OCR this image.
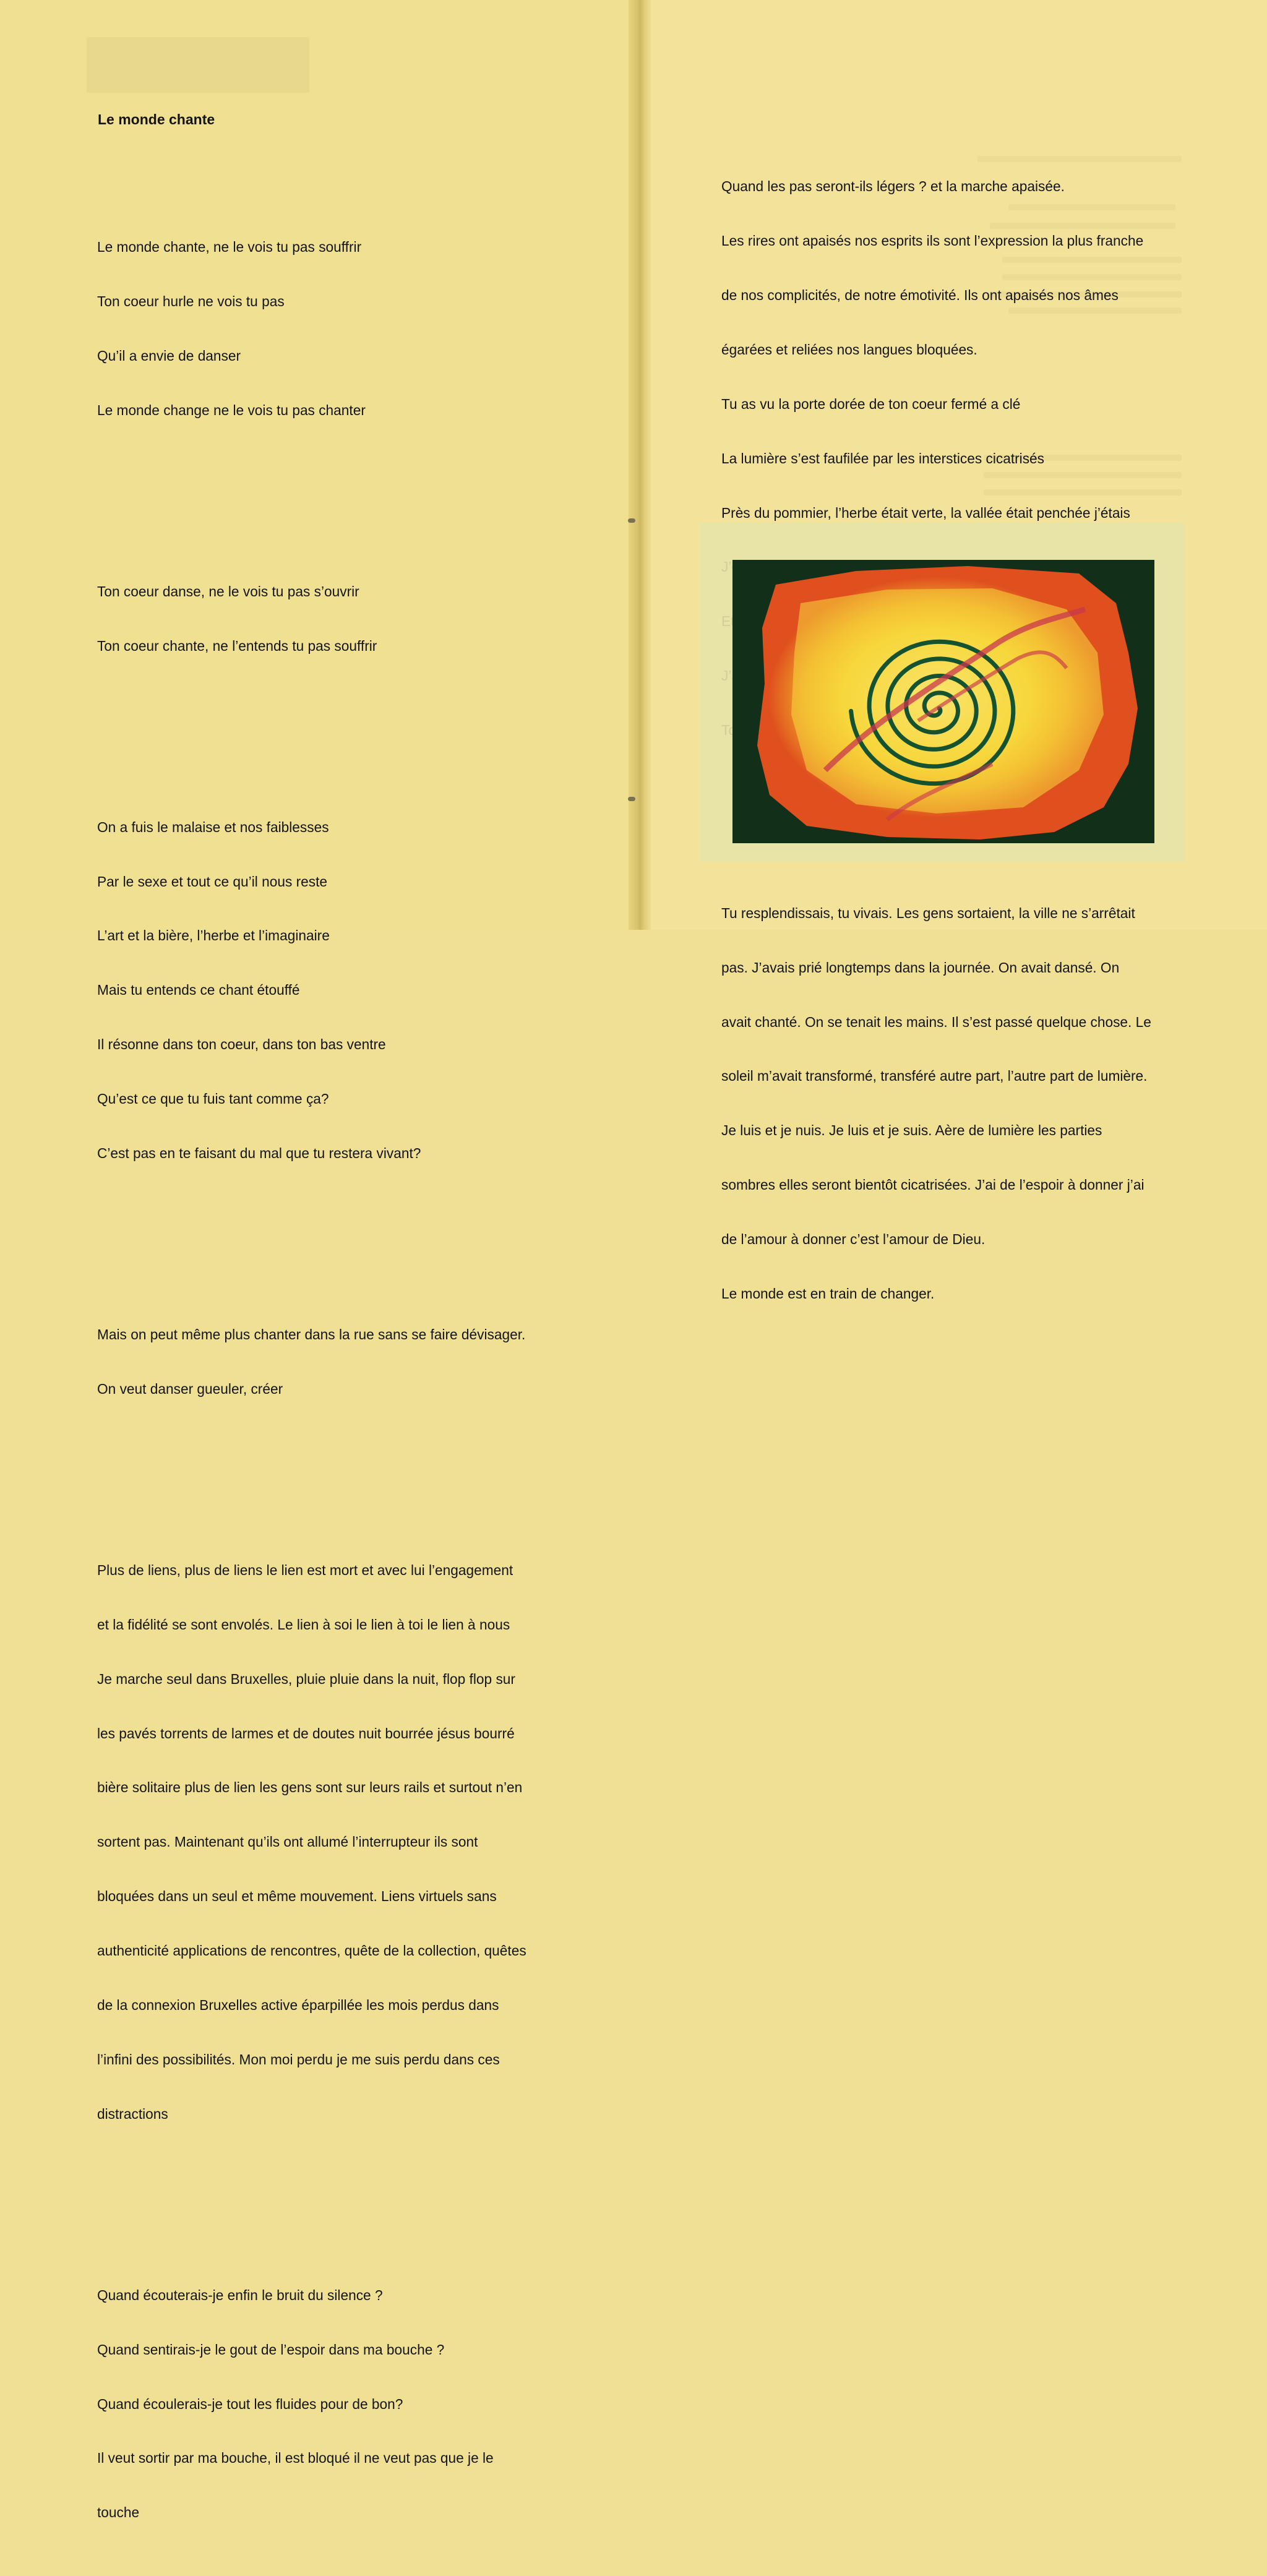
Le monde chante

Le monde chante, ne le vois tu pas souffrir

Ton coeur hurle ne vois tu pas

Qu’il a envie de danser

Le monde change ne le vois tu pas chanter

Ton coeur danse, ne le vois tu pas s’ouvrir

Ton coeur chante, ne l’entends tu pas souffrir

On a fuis le malaise et nos faiblesses

Par le sexe et tout ce qu’il nous reste

L’art et la bière, l’herbe et l’imaginaire

Mais tu entends ce chant étouffé

Il résonne dans ton coeur, dans ton bas ventre

Qu’est ce que tu fuis tant comme ça?

C’est pas en te faisant du mal que tu restera vivant?

Mais on peut même plus chanter dans la rue sans se faire dévisager.

On veut danser gueuler, créer

Plus de liens, plus de liens le lien est mort et avec lui l’engagement

et la fidélité se sont envolés. Le lien à soi le lien à toi le lien à nous

Je marche seul dans Bruxelles, pluie pluie dans la nuit, flop flop sur

les pavés torrents de larmes et de doutes nuit bourrée jésus bourré

bière solitaire plus de lien les gens sont sur leurs rails et surtout n’en

sortent pas. Maintenant qu’ils ont allumé l’interrupteur ils sont

bloquées dans un seul et même mouvement. Liens virtuels sans

authenticité applications de rencontres, quête de la collection, quêtes

de la connexion Bruxelles active éparpillée les mois perdus dans

l’infini des possibilités. Mon moi perdu je me suis perdu dans ces

distractions

Quand écouterais-je enfin le bruit du silence ?

Quand sentirais-je le gout de l’espoir dans ma bouche ?

Quand écoulerais-je tout les fluides pour de bon?

Il veut sortir par ma bouche, il est bloqué il ne veut pas que je le

touche

Quand les pas seront-ils légers ? et la marche apaisée.

Les rires ont apaisés nos esprits ils sont l’expression la plus franche

de nos complicités, de notre émotivité. Ils ont apaisés nos âmes

égarées et reliées nos langues bloquées.

Tu as vu la porte dorée de ton coeur fermé a clé

La lumière s’est faufilée par les interstices cicatrisés

Près du pommier, l’herbe était verte, la vallée était penchée j’étais

Tu resplendissais, tu vivais. Les gens sortaient, la ville ne s’arrêtait

pas. J’avais prié longtemps dans la journée. On avait dansé. On

avait chanté. On se tenait les mains. Il s’est passé quelque chose. Le

soleil m’avait transformé, transféré autre part, l’autre part de lumière.

Je luis et je nuis. Je luis et je suis. Aère de lumière les parties

sombres elles seront bientôt cicatrisées. J’ai de l’espoir à donner j’ai

de l’amour à donner c’est l’amour de Dieu.

Le monde est en train de changer.
